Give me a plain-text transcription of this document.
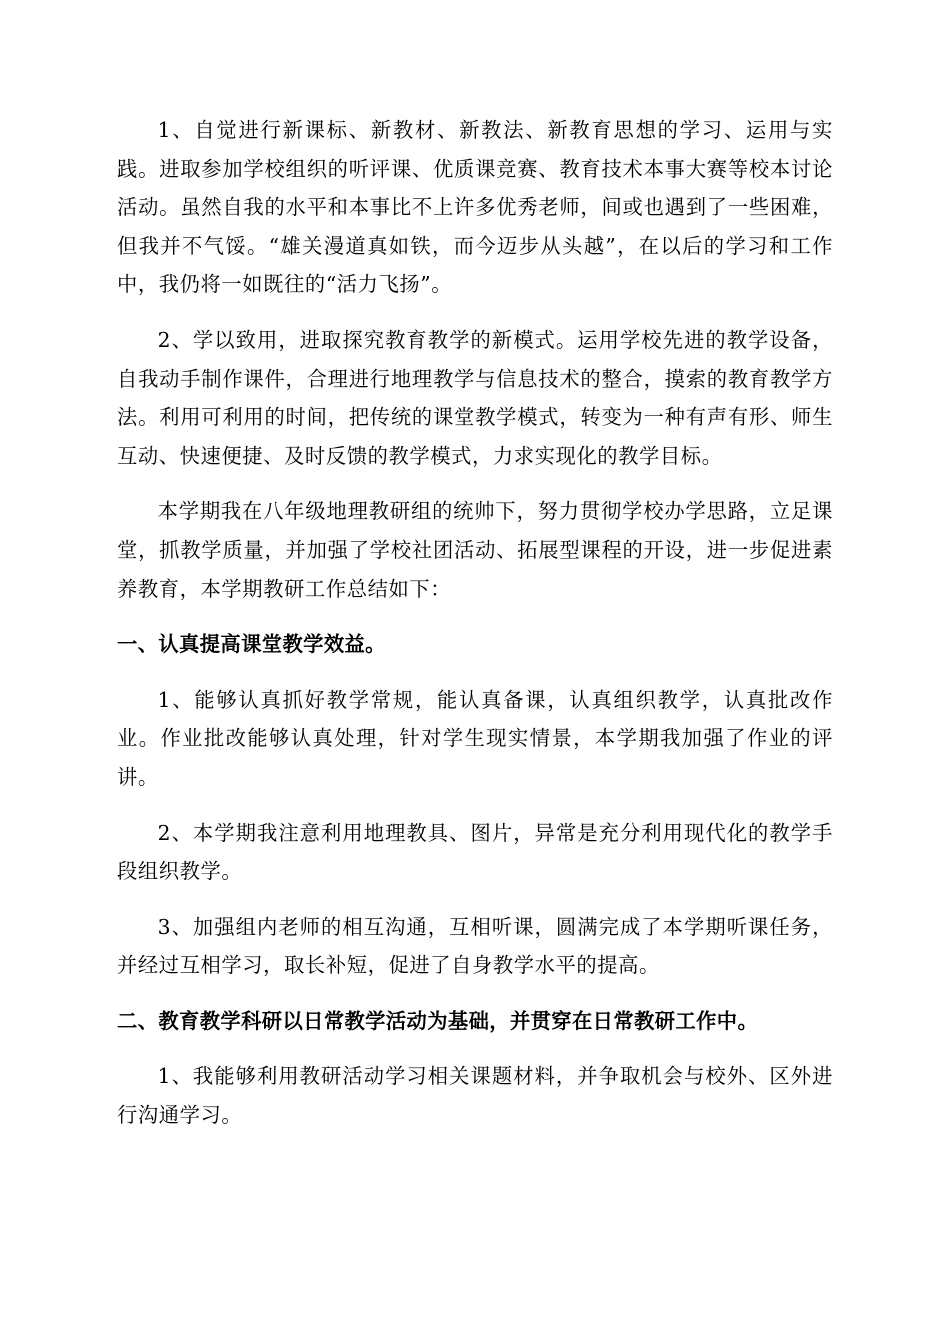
1、自觉进行新课标、新教材、新教法、新教育思想的学习、运用与实践。进取参加学校组织的听评课、优质课竞赛、教育技术本事大赛等校本讨论活动。虽然自我的水平和本事比不上许多优秀老师，间或也遇到了一些困难，但我并不气馁。“雄关漫道真如铁，而今迈步从头越”，在以后的学习和工作中，我仍将一如既往的“活力飞扬”。

2、学以致用，进取探究教育教学的新模式。运用学校先进的教学设备，自我动手制作课件，合理进行地理教学与信息技术的整合，摸索的教育教学方法。利用可利用的时间，把传统的课堂教学模式，转变为一种有声有形、师生互动、快速便捷、及时反馈的教学模式，力求实现化的教学目标。

本学期我在八年级地理教研组的统帅下，努力贯彻学校办学思路，立足课堂，抓教学质量，并加强了学校社团活动、拓展型课程的开设，进一步促进素养教育，本学期教研工作总结如下：

一、认真提高课堂教学效益。

1、能够认真抓好教学常规，能认真备课，认真组织教学，认真批改作业。作业批改能够认真处理，针对学生现实情景，本学期我加强了作业的评讲。

2、本学期我注意利用地理教具、图片，异常是充分利用现代化的教学手段组织教学。

3、加强组内老师的相互沟通，互相听课，圆满完成了本学期听课任务，并经过互相学习，取长补短，促进了自身教学水平的提高。

二、教育教学科研以日常教学活动为基础，并贯穿在日常教研工作中。

1、我能够利用教研活动学习相关课题材料，并争取机会与校外、区外进行沟通学习。
